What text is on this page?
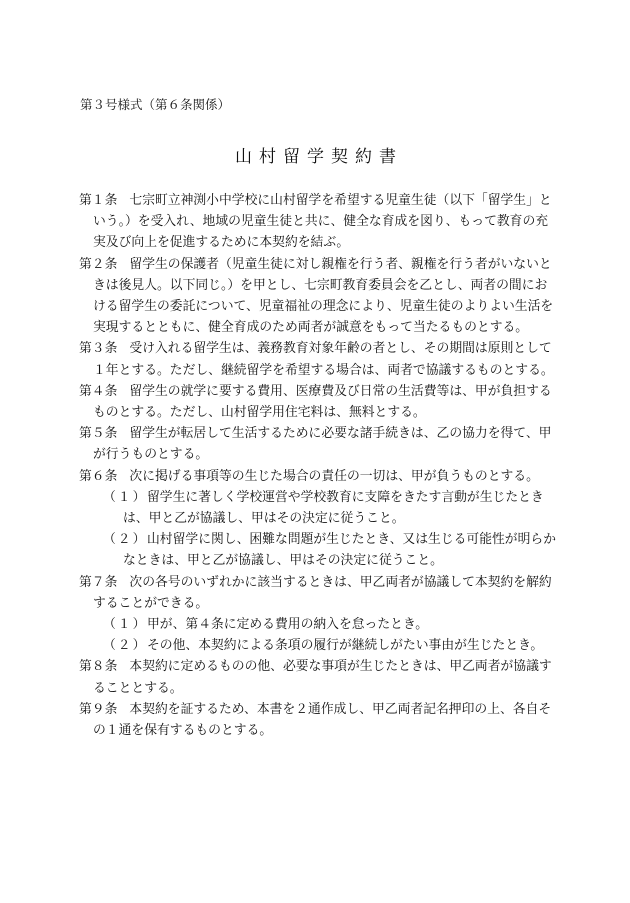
第３号様式（第６条関係）
山村留学契約書

第１条 七宗町立神渕小中学校に山村留学を希望する児童生徒（以下「留学生」という。）を受入れ、地域の児童生徒と共に、健全な育成を図り、もって教育の充実及び向上を促進するために本契約を結ぶ。

第２条 留学生の保護者（児童生徒に対し親権を行う者、親権を行う者がいないときは後見人。以下同じ。）を甲とし、七宗町教育委員会を乙とし、両者の間における留学生の委託について、児童福祉の理念により、児童生徒のよりよい生活を実現するとともに、健全育成のため両者が誠意をもって当たるものとする。

第３条 受け入れる留学生は、義務教育対象年齢の者とし、その期間は原則として１年とする。ただし、継続留学を希望する場合は、両者で協議するものとする。

第４条 留学生の就学に要する費用、医療費及び日常の生活費等は、甲が負担するものとする。ただし、山村留学用住宅料は、無料とする。

第５条 留学生が転居して生活するために必要な諸手続きは、乙の協力を得て、甲が行うものとする。

第６条 次に掲げる事項等の生じた場合の責任の一切は、甲が負うものとする。

（１）留学生に著しく学校運営や学校教育に支障をきたす言動が生じたときは、甲と乙が協議し、甲はその決定に従うこと。

（２）山村留学に関し、困難な問題が生じたとき、又は生じる可能性が明らかなときは、甲と乙が協議し、甲はその決定に従うこと。

第７条 次の各号のいずれかに該当するときは、甲乙両者が協議して本契約を解約することができる。

（１）甲が、第４条に定める費用の納入を怠ったとき。

（２）その他、本契約による条項の履行が継続しがたい事由が生じたとき。

第８条 本契約に定めるものの他、必要な事項が生じたときは、甲乙両者が協議することとする。

第９条 本契約を証するため、本書を２通作成し、甲乙両者記名押印の上、各自その１通を保有するものとする。
